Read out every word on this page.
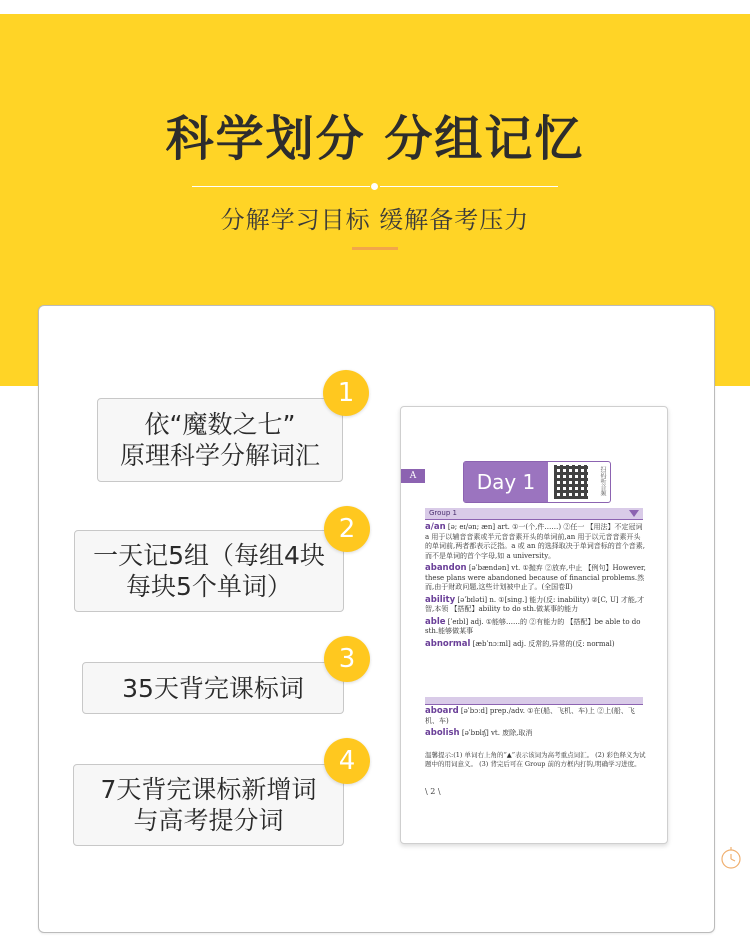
科学划分 分组记忆
分解学习目标 缓解备考压力
依“魔数之七”
原理科学分解词汇
1
一天记5组（每组4块
每块5个单词）
2
35天背完课标词
3
7天背完课标新增词
与高考提分词
4
A	Day 1	扫码听音频
Group 1
a/an [ə; eɪ/ən; æn] art. ①一(个,件……) ②任一 【用法】不定冠词 a 用于以辅音音素或半元音音素开头的单词前,an 用于以元音音素开头的单词前,两者都表示泛指。a 或 an 的选择取决于单词音标的首个音素,而不是单词的首个字母,如 a university。
abandon [əˈbændən] vt. ①抛弃 ②放弃,中止 【例句】However, these plans were abandoned because of financial problems.然而,由于财政问题,这些计划被中止了。(全国卷Ⅱ)
ability [əˈbɪləti] n. ①[sing.] 能力(反: inability) ②[C, U] 才能,才智,本领 【搭配】ability to do sth.做某事的能力
able [ˈeɪbl] adj. ①能够……的 ②有能力的 【搭配】be able to do sth.能够做某事
abnormal [æbˈnɔːml] adj. 反常的,异常的(反: normal)
aboard [əˈbɔːd] prep./adv. ①在(船、飞机、车)上 ②上(船、飞机、车)
abolish [əˈbɒlɪʃ] vt. 废除,取消
温馨提示:(1) 单词右上角的“▲”表示该词为高考重点词汇。 (2) 彩色释义为试题中的用词意义。 (3) 背完后可在 Group 前的方框内打钩,明确学习进度。
\ 2 \
